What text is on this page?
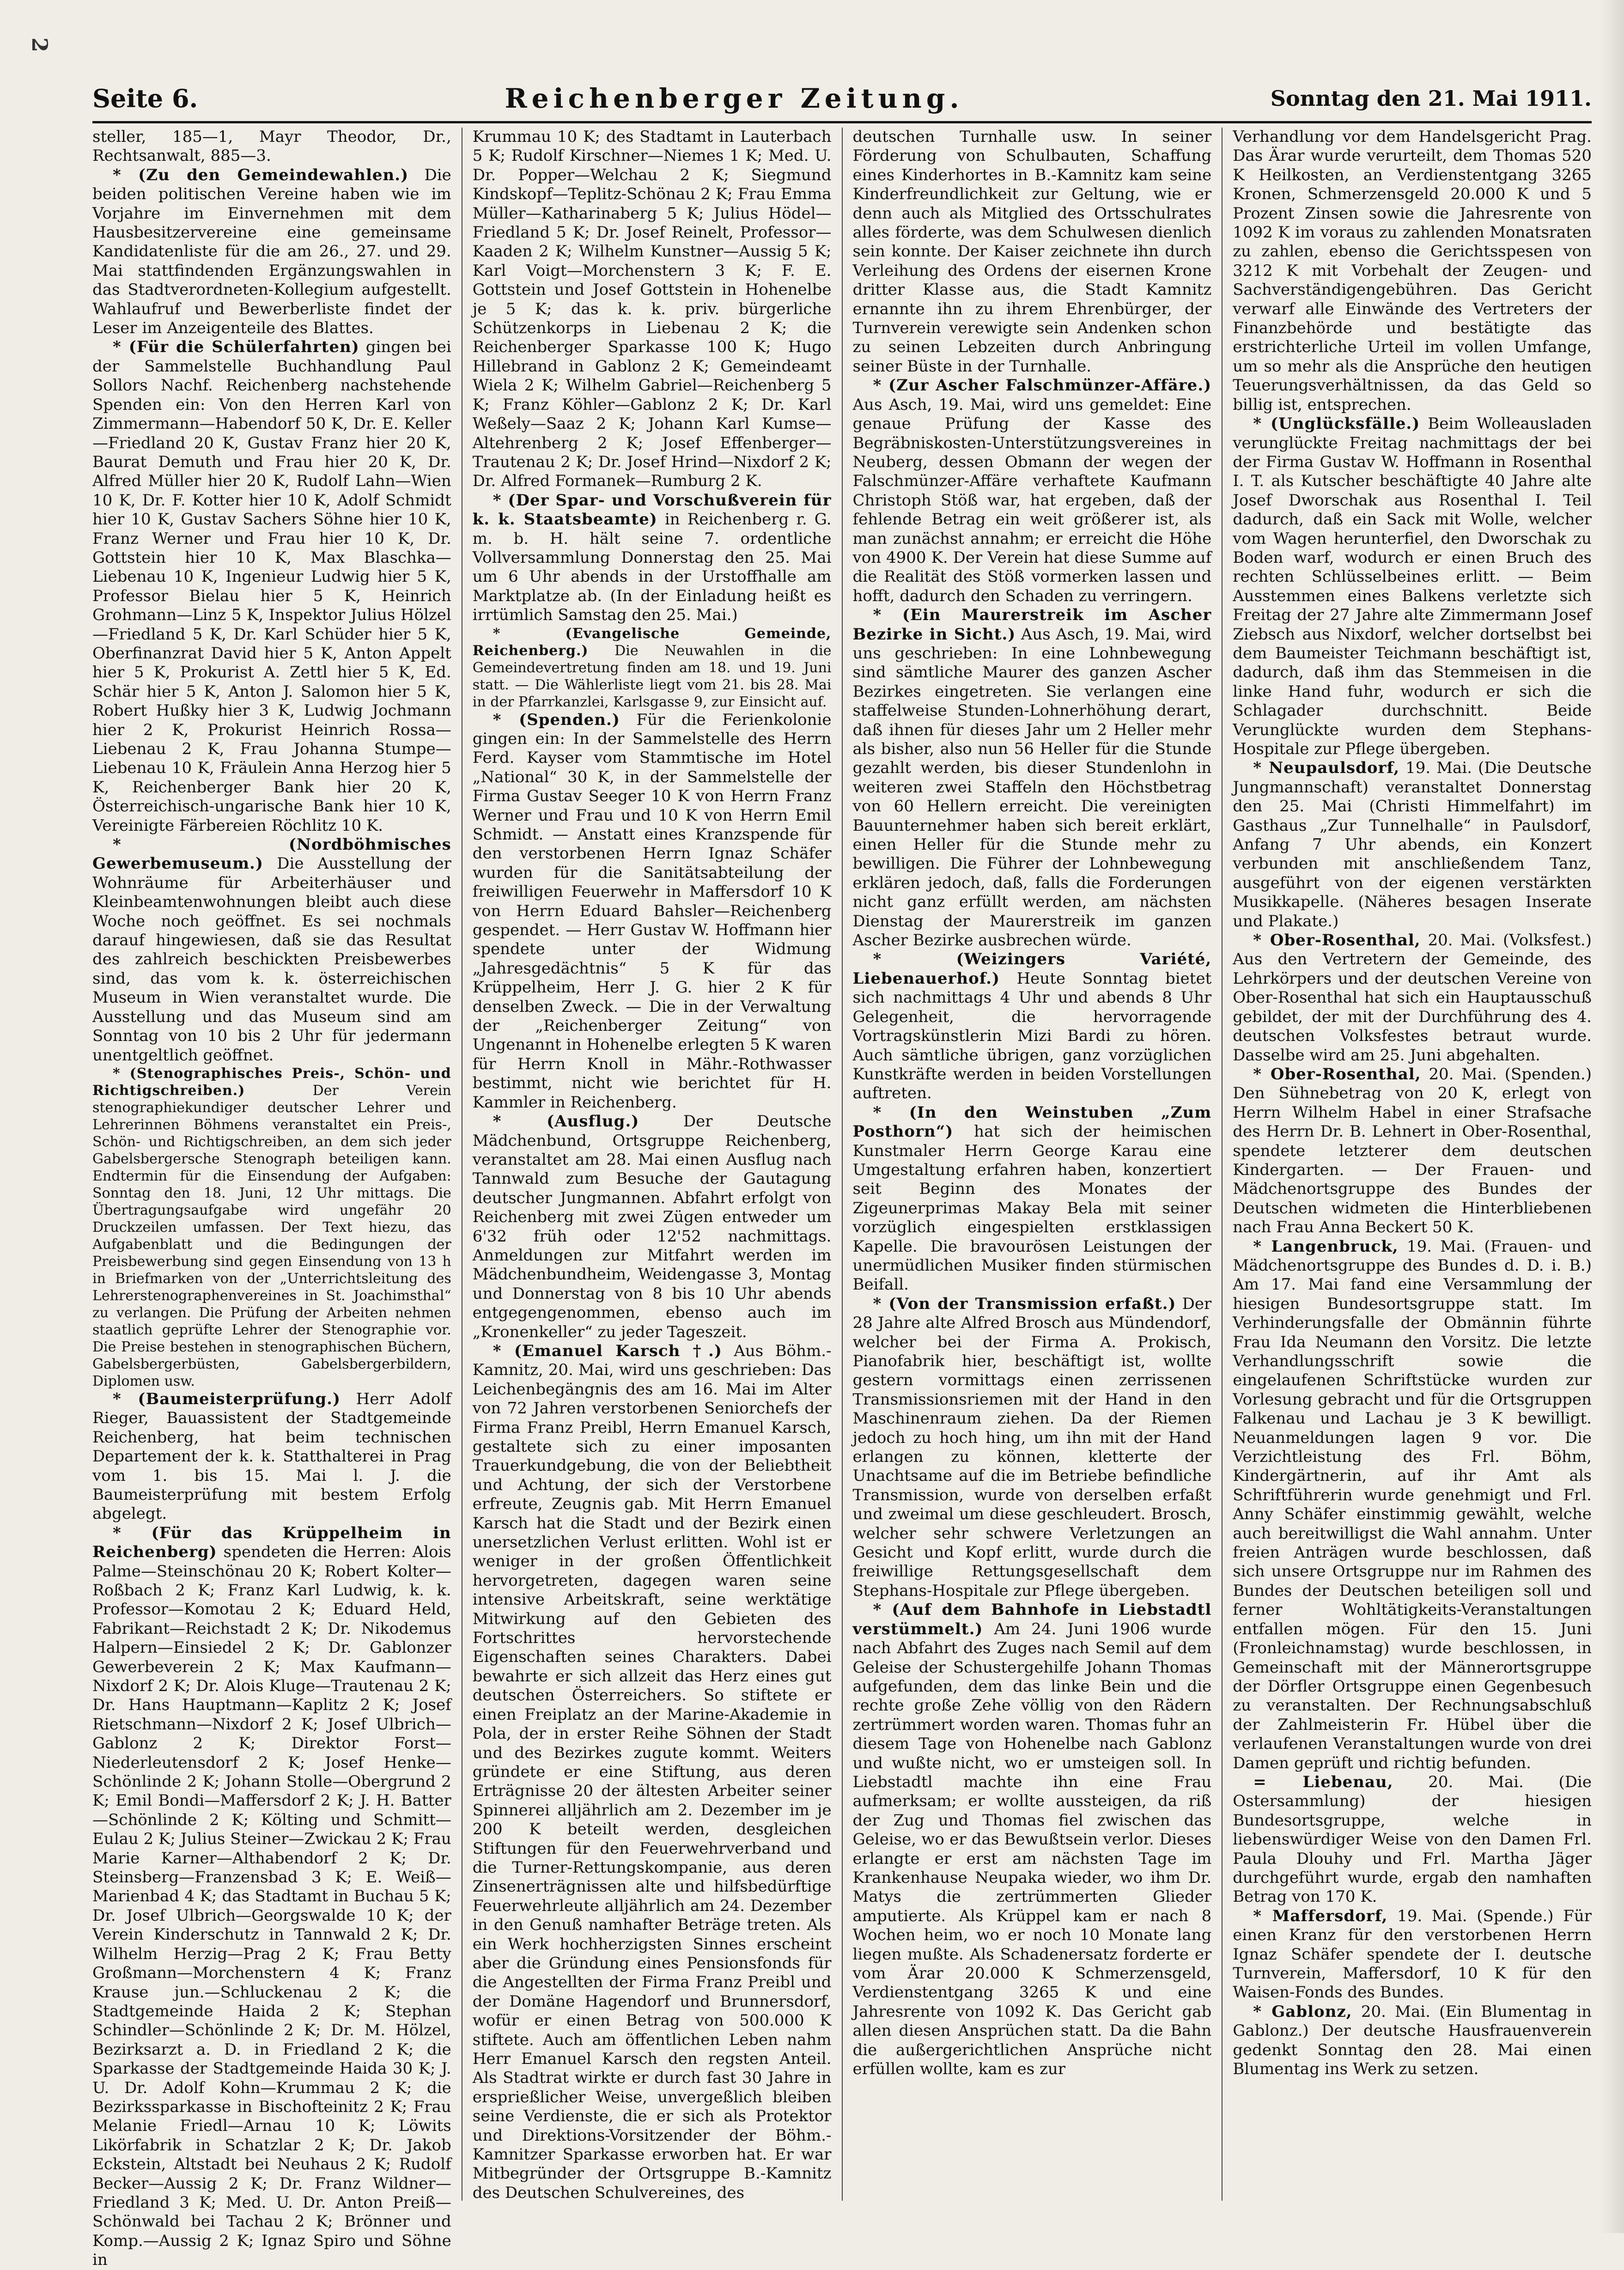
2
Seite 6.	Reichenberger Zeitung.	Sonntag den 21. Mai 1911.

steller, 185—1, Mayr Theodor, Dr., Rechtsanwalt, 885—3.

* (Zu den Gemeindewahlen.) Die beiden politischen Vereine haben wie im Vorjahre im Einvernehmen mit dem Hausbesitzervereine eine gemeinsame Kandidatenliste für die am 26., 27. und 29. Mai stattfindenden Ergänzungswahlen in das Stadtverordneten-Kollegium aufgestellt. Wahlaufruf und Bewerberliste findet der Leser im Anzeigenteile des Blattes.

* (Für die Schülerfahrten) gingen bei der Sammelstelle Buchhandlung Paul Sollors Nachf. Reichenberg nachstehende Spenden ein: Von den Herren Karl von Zimmermann—Habendorf 50 K, Dr. E. Keller—Friedland 20 K, Gustav Franz hier 20 K, Baurat Demuth und Frau hier 20 K, Dr. Alfred Müller hier 20 K, Rudolf Lahn—Wien 10 K, Dr. F. Kotter hier 10 K, Adolf Schmidt hier 10 K, Gustav Sachers Söhne hier 10 K, Franz Werner und Frau hier 10 K, Dr. Gottstein hier 10 K, Max Blaschka—Liebenau 10 K, Ingenieur Ludwig hier 5 K, Professor Bielau hier 5 K, Heinrich Grohmann—Linz 5 K, Inspektor Julius Hölzel—Friedland 5 K, Dr. Karl Schüder hier 5 K, Oberfinanzrat David hier 5 K, Anton Appelt hier 5 K, Prokurist A. Zettl hier 5 K, Ed. Schär hier 5 K, Anton J. Salomon hier 5 K, Robert Hußky hier 3 K, Ludwig Jochmann hier 2 K, Prokurist Heinrich Rossa—Liebenau 2 K, Frau Johanna Stumpe—Liebenau 10 K, Fräulein Anna Herzog hier 5 K, Reichenberger Bank hier 20 K, Österreichisch-ungarische Bank hier 10 K, Vereinigte Färbereien Röchlitz 10 K.

* (Nordböhmisches Gewerbemuseum.) Die Ausstellung der Wohnräume für Arbeiterhäuser und Kleinbeamtenwohnungen bleibt auch diese Woche noch geöffnet. Es sei nochmals darauf hingewiesen, daß sie das Resultat des zahlreich beschickten Preisbewerbes sind, das vom k. k. österreichischen Museum in Wien veranstaltet wurde. Die Ausstellung und das Museum sind am Sonntag von 10 bis 2 Uhr für jedermann unentgeltlich geöffnet.

* (Stenographisches Preis-, Schön- und Richtigschreiben.) Der Verein stenographiekundiger deutscher Lehrer und Lehrerinnen Böhmens veranstaltet ein Preis-, Schön- und Richtigschreiben, an dem sich jeder Gabelsbergersche Stenograph beteiligen kann. Endtermin für die Einsendung der Aufgaben: Sonntag den 18. Juni, 12 Uhr mittags. Die Übertragungsaufgabe wird ungefähr 20 Druckzeilen umfassen. Der Text hiezu, das Aufgabenblatt und die Bedingungen der Preisbewerbung sind gegen Einsendung von 13 h in Briefmarken von der „Unterrichtsleitung des Lehrerstenographenvereines in St. Joachimsthal“ zu verlangen. Die Prüfung der Arbeiten nehmen staatlich geprüfte Lehrer der Stenographie vor. Die Preise bestehen in stenographischen Büchern, Gabelsbergerbüsten, Gabelsbergerbildern, Diplomen usw.

* (Baumeisterprüfung.) Herr Adolf Rieger, Bauassistent der Stadtgemeinde Reichenberg, hat beim technischen Departement der k. k. Statthalterei in Prag vom 1. bis 15. Mai l. J. die Baumeisterprüfung mit bestem Erfolg abgelegt.

* (Für das Krüppelheim in Reichenberg) spendeten die Herren: Alois Palme—Steinschönau 20 K; Robert Kolter—Roßbach 2 K; Franz Karl Ludwig, k. k. Professor—Komotau 2 K; Eduard Held, Fabrikant—Reichstadt 2 K; Dr. Nikodemus Halpern—Einsiedel 2 K; Dr. Gablonzer Gewerbeverein 2 K; Max Kaufmann—Nixdorf 2 K; Dr. Alois Kluge—Trautenau 2 K; Dr. Hans Hauptmann—Kaplitz 2 K; Josef Rietschmann—Nixdorf 2 K; Josef Ulbrich—Gablonz 2 K; Direktor Forst—Niederleutensdorf 2 K; Josef Henke—Schönlinde 2 K; Johann Stolle—Obergrund 2 K; Emil Bondi—Maffersdorf 2 K; J. H. Batter—Schönlinde 2 K; Költing und Schmitt—Eulau 2 K; Julius Steiner—Zwickau 2 K; Frau Marie Karner—Althabendorf 2 K; Dr. Steinsberg—Franzensbad 3 K; E. Weiß—Marienbad 4 K; das Stadtamt in Buchau 5 K; Dr. Josef Ulbrich—Georgswalde 10 K; der Verein Kinderschutz in Tannwald 2 K; Dr. Wilhelm Herzig—Prag 2 K; Frau Betty Großmann—Morchenstern 4 K; Franz Krause jun.—Schluckenau 2 K; die Stadtgemeinde Haida 2 K; Stephan Schindler—Schönlinde 2 K; Dr. M. Hölzel, Bezirksarzt a. D. in Friedland 2 K; die Sparkasse der Stadtgemeinde Haida 30 K; J. U. Dr. Adolf Kohn—Krummau 2 K; die Bezirkssparkasse in Bischofteinitz 2 K; Frau Melanie Friedl—Arnau 10 K; Löwits Likörfabrik in Schatzlar 2 K; Dr. Jakob Eckstein, Altstadt bei Neuhaus 2 K; Rudolf Becker—Aussig 2 K; Dr. Franz Wildner—Friedland 3 K; Med. U. Dr. Anton Preiß—Schönwald bei Tachau 2 K; Brönner und Komp.—Aussig 2 K; Ignaz Spiro und Söhne in

Krummau 10 K; des Stadtamt in Lauterbach 5 K; Rudolf Kirschner—Niemes 1 K; Med. U. Dr. Popper—Welchau 2 K; Siegmund Kindskopf—Teplitz-Schönau 2 K; Frau Emma Müller—Katharinaberg 5 K; Julius Hödel—Friedland 5 K; Dr. Josef Reinelt, Professor—Kaaden 2 K; Wilhelm Kunstner—Aussig 5 K; Karl Voigt—Morchenstern 3 K; F. E. Gottstein und Josef Gottstein in Hohenelbe je 5 K; das k. k. priv. bürgerliche Schützenkorps in Liebenau 2 K; die Reichenberger Sparkasse 100 K; Hugo Hillebrand in Gablonz 2 K; Gemeindeamt Wiela 2 K; Wilhelm Gabriel—Reichenberg 5 K; Franz Köhler—Gablonz 2 K; Dr. Karl Weßely—Saaz 2 K; Johann Karl Kumse—Altehrenberg 2 K; Josef Effenberger—Trautenau 2 K; Dr. Josef Hrind—Nixdorf 2 K; Dr. Alfred Formanek—Rumburg 2 K.

* (Der Spar- und Vorschußverein für k. k. Staatsbeamte) in Reichenberg r. G. m. b. H. hält seine 7. ordentliche Vollversammlung Donnerstag den 25. Mai um 6 Uhr abends in der Urstoffhalle am Marktplatze ab. (In der Einladung heißt es irrtümlich Samstag den 25. Mai.)

* (Evangelische Gemeinde, Reichenberg.) Die Neuwahlen in die Gemeindevertretung finden am 18. und 19. Juni statt. — Die Wählerliste liegt vom 21. bis 28. Mai in der Pfarrkanzlei, Karlsgasse 9, zur Einsicht auf.

* (Spenden.) Für die Ferienkolonie gingen ein: In der Sammelstelle des Herrn Ferd. Kayser vom Stammtische im Hotel „National“ 30 K, in der Sammelstelle der Firma Gustav Seeger 10 K von Herrn Franz Werner und Frau und 10 K von Herrn Emil Schmidt. — Anstatt eines Kranzspende für den verstorbenen Herrn Ignaz Schäfer wurden für die Sanitätsabteilung der freiwilligen Feuerwehr in Maffersdorf 10 K von Herrn Eduard Bahsler—Reichenberg gespendet. — Herr Gustav W. Hoffmann hier spendete unter der Widmung „Jahresgedächtnis“ 5 K für das Krüppelheim, Herr J. G. hier 2 K für denselben Zweck. — Die in der Verwaltung der „Reichenberger Zeitung“ von Ungenannt in Hohenelbe erlegten 5 K waren für Herrn Knoll in Mähr.-Rothwasser bestimmt, nicht wie berichtet für H. Kammler in Reichenberg.

* (Ausflug.) Der Deutsche Mädchenbund, Ortsgruppe Reichenberg, veranstaltet am 28. Mai einen Ausflug nach Tannwald zum Besuche der Gautagung deutscher Jungmannen. Abfahrt erfolgt von Reichenberg mit zwei Zügen entweder um 6'32 früh oder 12'52 nachmittags. Anmeldungen zur Mitfahrt werden im Mädchenbundheim, Weidengasse 3, Montag und Donnerstag von 8 bis 10 Uhr abends entgegengenommen, ebenso auch im „Kronenkeller“ zu jeder Tageszeit.

* (Emanuel Karsch †.) Aus Böhm.-Kamnitz, 20. Mai, wird uns geschrieben: Das Leichenbegängnis des am 16. Mai im Alter von 72 Jahren verstorbenen Seniorchefs der Firma Franz Preibl, Herrn Emanuel Karsch, gestaltete sich zu einer imposanten Trauerkundgebung, die von der Beliebtheit und Achtung, der sich der Verstorbene erfreute, Zeugnis gab. Mit Herrn Emanuel Karsch hat die Stadt und der Bezirk einen unersetzlichen Verlust erlitten. Wohl ist er weniger in der großen Öffentlichkeit hervorgetreten, dagegen waren seine intensive Arbeitskraft, seine werktätige Mitwirkung auf den Gebieten des Fortschrittes hervorstechende Eigenschaften seines Charakters. Dabei bewahrte er sich allzeit das Herz eines gut deutschen Österreichers. So stiftete er einen Freiplatz an der Marine-Akademie in Pola, der in erster Reihe Söhnen der Stadt und des Bezirkes zugute kommt. Weiters gründete er eine Stiftung, aus deren Erträgnisse 20 der ältesten Arbeiter seiner Spinnerei alljährlich am 2. Dezember im je 200 K beteilt werden, desgleichen Stiftungen für den Feuerwehrverband und die Turner-Rettungskompanie, aus deren Zinsenerträgnissen alte und hilfsbedürftige Feuerwehrleute alljährlich am 24. Dezember in den Genuß namhafter Beträge treten. Als ein Werk hochherzigsten Sinnes erscheint aber die Gründung eines Pensionsfonds für die Angestellten der Firma Franz Preibl und der Domäne Hagendorf und Brunnersdorf, wofür er einen Betrag von 500.000 K stiftete. Auch am öffentlichen Leben nahm Herr Emanuel Karsch den regsten Anteil. Als Stadtrat wirkte er durch fast 30 Jahre in ersprießlicher Weise, unvergeßlich bleiben seine Verdienste, die er sich als Protektor und Direktions-Vorsitzender der Böhm.-Kamnitzer Sparkasse erworben hat. Er war Mitbegründer der Ortsgruppe B.-Kamnitz des Deutschen Schulvereines, des

deutschen Turnhalle usw. In seiner Förderung von Schulbauten, Schaffung eines Kinderhortes in B.-Kamnitz kam seine Kinderfreundlichkeit zur Geltung, wie er denn auch als Mitglied des Ortsschulrates alles förderte, was dem Schulwesen dienlich sein konnte. Der Kaiser zeichnete ihn durch Verleihung des Ordens der eisernen Krone dritter Klasse aus, die Stadt Kamnitz ernannte ihn zu ihrem Ehrenbürger, der Turnverein verewigte sein Andenken schon zu seinen Lebzeiten durch Anbringung seiner Büste in der Turnhalle.

* (Zur Ascher Falschmünzer-Affäre.) Aus Asch, 19. Mai, wird uns gemeldet: Eine genaue Prüfung der Kasse des Begräbniskosten-Unterstützungsvereines in Neuberg, dessen Obmann der wegen der Falschmünzer-Affäre verhaftete Kaufmann Christoph Stöß war, hat ergeben, daß der fehlende Betrag ein weit größerer ist, als man zunächst annahm; er erreicht die Höhe von 4900 K. Der Verein hat diese Summe auf die Realität des Stöß vormerken lassen und hofft, dadurch den Schaden zu verringern.

* (Ein Maurerstreik im Ascher Bezirke in Sicht.) Aus Asch, 19. Mai, wird uns geschrieben: In eine Lohnbewegung sind sämtliche Maurer des ganzen Ascher Bezirkes eingetreten. Sie verlangen eine staffelweise Stunden-Lohnerhöhung derart, daß ihnen für dieses Jahr um 2 Heller mehr als bisher, also nun 56 Heller für die Stunde gezahlt werden, bis dieser Stundenlohn in weiteren zwei Staffeln den Höchstbetrag von 60 Hellern erreicht. Die vereinigten Bauunternehmer haben sich bereit erklärt, einen Heller für die Stunde mehr zu bewilligen. Die Führer der Lohnbewegung erklären jedoch, daß, falls die Forderungen nicht ganz erfüllt werden, am nächsten Dienstag der Maurerstreik im ganzen Ascher Bezirke ausbrechen würde.

* (Weizingers Variété, Liebenauerhof.) Heute Sonntag bietet sich nachmittags 4 Uhr und abends 8 Uhr Gelegenheit, die hervorragende Vortragskünstlerin Mizi Bardi zu hören. Auch sämtliche übrigen, ganz vorzüglichen Kunstkräfte werden in beiden Vorstellungen auftreten.

* (In den Weinstuben „Zum Posthorn“) hat sich der heimischen Kunstmaler Herrn George Karau eine Umgestaltung erfahren haben, konzertiert seit Beginn des Monates der Zigeunerprimas Makay Bela mit seiner vorzüglich eingespielten erstklassigen Kapelle. Die bravourösen Leistungen der unermüdlichen Musiker finden stürmischen Beifall.

* (Von der Transmission erfaßt.) Der 28 Jahre alte Alfred Brosch aus Mündendorf, welcher bei der Firma A. Prokisch, Pianofabrik hier, beschäftigt ist, wollte gestern vormittags einen zerrissenen Transmissionsriemen mit der Hand in den Maschinenraum ziehen. Da der Riemen jedoch zu hoch hing, um ihn mit der Hand erlangen zu können, kletterte der Unachtsame auf die im Betriebe befindliche Transmission, wurde von derselben erfaßt und zweimal um diese geschleudert. Brosch, welcher sehr schwere Verletzungen an Gesicht und Kopf erlitt, wurde durch die freiwillige Rettungsgesellschaft dem Stephans-Hospitale zur Pflege übergeben.

* (Auf dem Bahnhofe in Liebstadtl verstümmelt.) Am 24. Juni 1906 wurde nach Abfahrt des Zuges nach Semil auf dem Geleise der Schustergehilfe Johann Thomas aufgefunden, dem das linke Bein und die rechte große Zehe völlig von den Rädern zertrümmert worden waren. Thomas fuhr an diesem Tage von Hohenelbe nach Gablonz und wußte nicht, wo er umsteigen soll. In Liebstadtl machte ihn eine Frau aufmerksam; er wollte aussteigen, da riß der Zug und Thomas fiel zwischen das Geleise, wo er das Bewußtsein verlor. Dieses erlangte er erst am nächsten Tage im Krankenhause Neupaka wieder, wo ihm Dr. Matys die zertrümmerten Glieder amputierte. Als Krüppel kam er nach 8 Wochen heim, wo er noch 10 Monate lang liegen mußte. Als Schadenersatz forderte er vom Ärar 20.000 K Schmerzensgeld, Verdienstentgang 3265 K und eine Jahresrente von 1092 K. Das Gericht gab allen diesen Ansprüchen statt. Da die Bahn die außergerichtlichen Ansprüche nicht erfüllen wollte, kam es zur

Verhandlung vor dem Handelsgericht Prag. Das Ärar wurde verurteilt, dem Thomas 520 K Heilkosten, an Verdienstentgang 3265 Kronen, Schmerzensgeld 20.000 K und 5 Prozent Zinsen sowie die Jahresrente von 1092 K im voraus zu zahlenden Monatsraten zu zahlen, ebenso die Gerichtsspesen von 3212 K mit Vorbehalt der Zeugen- und Sachverständigengebühren. Das Gericht verwarf alle Einwände des Vertreters der Finanzbehörde und bestätigte das erstrichterliche Urteil im vollen Umfange, um so mehr als die Ansprüche den heutigen Teuerungsverhältnissen, da das Geld so billig ist, entsprechen.

* (Unglücksfälle.) Beim Wolleausladen verunglückte Freitag nachmittags der bei der Firma Gustav W. Hoffmann in Rosenthal I. T. als Kutscher beschäftigte 40 Jahre alte Josef Dworschak aus Rosenthal I. Teil dadurch, daß ein Sack mit Wolle, welcher vom Wagen herunterfiel, den Dworschak zu Boden warf, wodurch er einen Bruch des rechten Schlüsselbeines erlitt. — Beim Ausstemmen eines Balkens verletzte sich Freitag der 27 Jahre alte Zimmermann Josef Ziebsch aus Nixdorf, welcher dortselbst bei dem Baumeister Teichmann beschäftigt ist, dadurch, daß ihm das Stemmeisen in die linke Hand fuhr, wodurch er sich die Schlagader durchschnitt. Beide Verunglückte wurden dem Stephans-Hospitale zur Pflege übergeben.

* Neupaulsdorf, 19. Mai. (Die Deutsche Jungmannschaft) veranstaltet Donnerstag den 25. Mai (Christi Himmelfahrt) im Gasthaus „Zur Tunnelhalle“ in Paulsdorf, Anfang 7 Uhr abends, ein Konzert verbunden mit anschließendem Tanz, ausgeführt von der eigenen verstärkten Musikkapelle. (Näheres besagen Inserate und Plakate.)

* Ober-Rosenthal, 20. Mai. (Volksfest.) Aus den Vertretern der Gemeinde, des Lehrkörpers und der deutschen Vereine von Ober-Rosenthal hat sich ein Hauptausschuß gebildet, der mit der Durchführung des 4. deutschen Volksfestes betraut wurde. Dasselbe wird am 25. Juni abgehalten.

* Ober-Rosenthal, 20. Mai. (Spenden.) Den Sühnebetrag von 20 K, erlegt von Herrn Wilhelm Habel in einer Strafsache des Herrn Dr. B. Lehnert in Ober-Rosenthal, spendete letzterer dem deutschen Kindergarten. — Der Frauen- und Mädchenortsgruppe des Bundes der Deutschen widmeten die Hinterbliebenen nach Frau Anna Beckert 50 K.

* Langenbruck, 19. Mai. (Frauen- und Mädchenortsgruppe des Bundes d. D. i. B.) Am 17. Mai fand eine Versammlung der hiesigen Bundesortsgruppe statt. Im Verhinderungsfalle der Obmännin führte Frau Ida Neumann den Vorsitz. Die letzte Verhandlungsschrift sowie die eingelaufenen Schriftstücke wurden zur Vorlesung gebracht und für die Ortsgruppen Falkenau und Lachau je 3 K bewilligt. Neuanmeldungen lagen 9 vor. Die Verzichtleistung des Frl. Böhm, Kindergärtnerin, auf ihr Amt als Schriftführerin wurde genehmigt und Frl. Anny Schäfer einstimmig gewählt, welche auch bereitwilligst die Wahl annahm. Unter freien Anträgen wurde beschlossen, daß sich unsere Ortsgruppe nur im Rahmen des Bundes der Deutschen beteiligen soll und ferner Wohltätigkeits-Veranstaltungen entfallen mögen. Für den 15. Juni (Fronleichnamstag) wurde beschlossen, in Gemeinschaft mit der Männerortsgruppe der Dörfler Ortsgruppe einen Gegenbesuch zu veranstalten. Der Rechnungsabschluß der Zahlmeisterin Fr. Hübel über die verlaufenen Veranstaltungen wurde von drei Damen geprüft und richtig befunden.

= Liebenau, 20. Mai. (Die Ostersammlung) der hiesigen Bundesortsgruppe, welche in liebenswürdiger Weise von den Damen Frl. Paula Dlouhy und Frl. Martha Jäger durchgeführt wurde, ergab den namhaften Betrag von 170 K.

* Maffersdorf, 19. Mai. (Spende.) Für einen Kranz für den verstorbenen Herrn Ignaz Schäfer spendete der I. deutsche Turnverein, Maffersdorf, 10 K für den Waisen-Fonds des Bundes.

* Gablonz, 20. Mai. (Ein Blumentag in Gablonz.) Der deutsche Hausfrauenverein gedenkt Sonntag den 28. Mai einen Blumentag ins Werk zu setzen.
